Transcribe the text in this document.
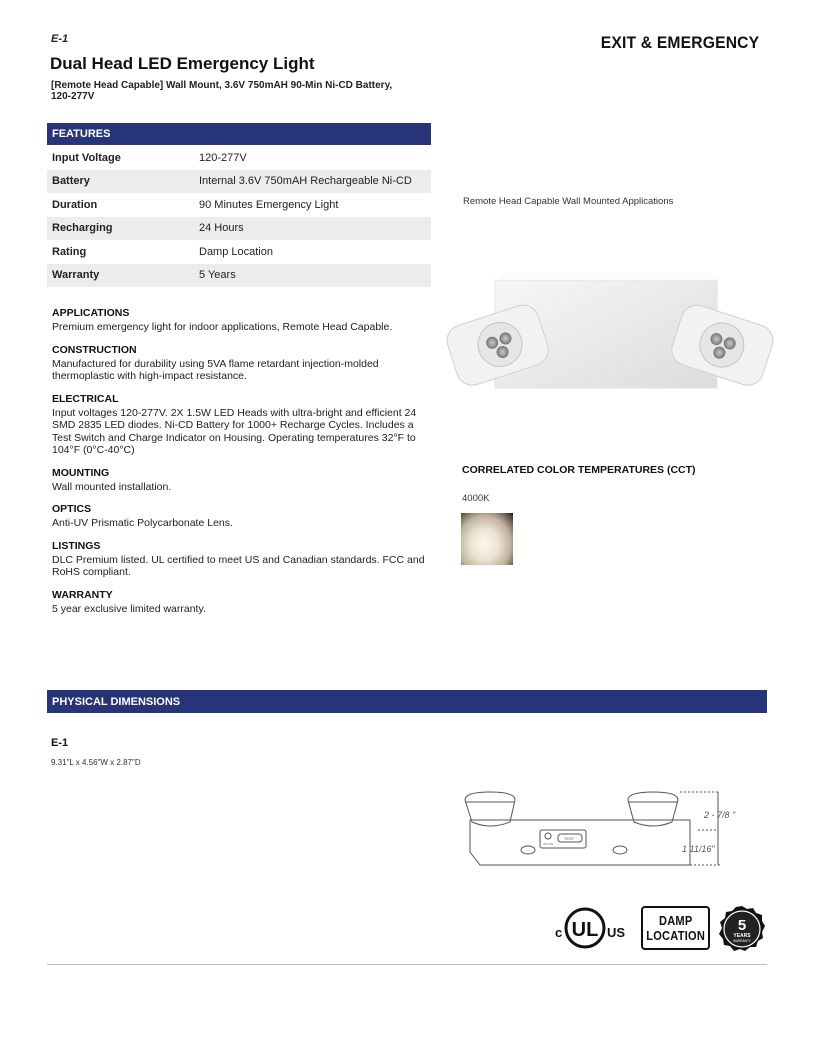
E-1	EXIT & EMERGENCY
Dual Head LED Emergency Light
[Remote Head Capable] Wall Mount, 3.6V 750mAH 90-Min Ni-CD Battery, 120-277V
FEATURES
Input Voltage	120-277V
Battery	Internal 3.6V 750mAH Rechargeable Ni-CD
Duration	90 Minutes Emergency Light
Recharging	24 Hours
Rating	Damp Location
Warranty	5 Years
APPLICATIONS

Premium emergency light for indoor applications, Remote Head Capable.

CONSTRUCTION

Manufactured for durability using 5VA flame retardant injection-molded thermoplastic with high-impact resistance.

ELECTRICAL

Input voltages 120-277V. 2X 1.5W LED Heads with ultra-bright and efficient 24 SMD 2835 LED diodes. Ni-CD Battery for 1000+ Recharge Cycles. Includes a Test Switch and Charge Indicator on Housing. Operating temperatures 32°F to 104°F (0°C-40°C)

MOUNTING

Wall mounted installation.

OPTICS

Anti-UV Prismatic Polycarbonate Lens.

LISTINGS

DLC Premium listed. UL certified to meet US and Canadian standards. FCC and RoHS compliant.

WARRANTY

5 year exclusive limited warranty.

Remote Head Capable Wall Mounted Applications
CORRELATED COLOR TEMPERATURES (CCT)
4000K
PHYSICAL DIMENSIONS
E-1
9.31"L x 4.56"W x 2.87"D
TEST
AC ON
2 - 7/8 "
1 11/16"
c UL US
DAMP
LOCATION
5
YEARS
WARRANTY
